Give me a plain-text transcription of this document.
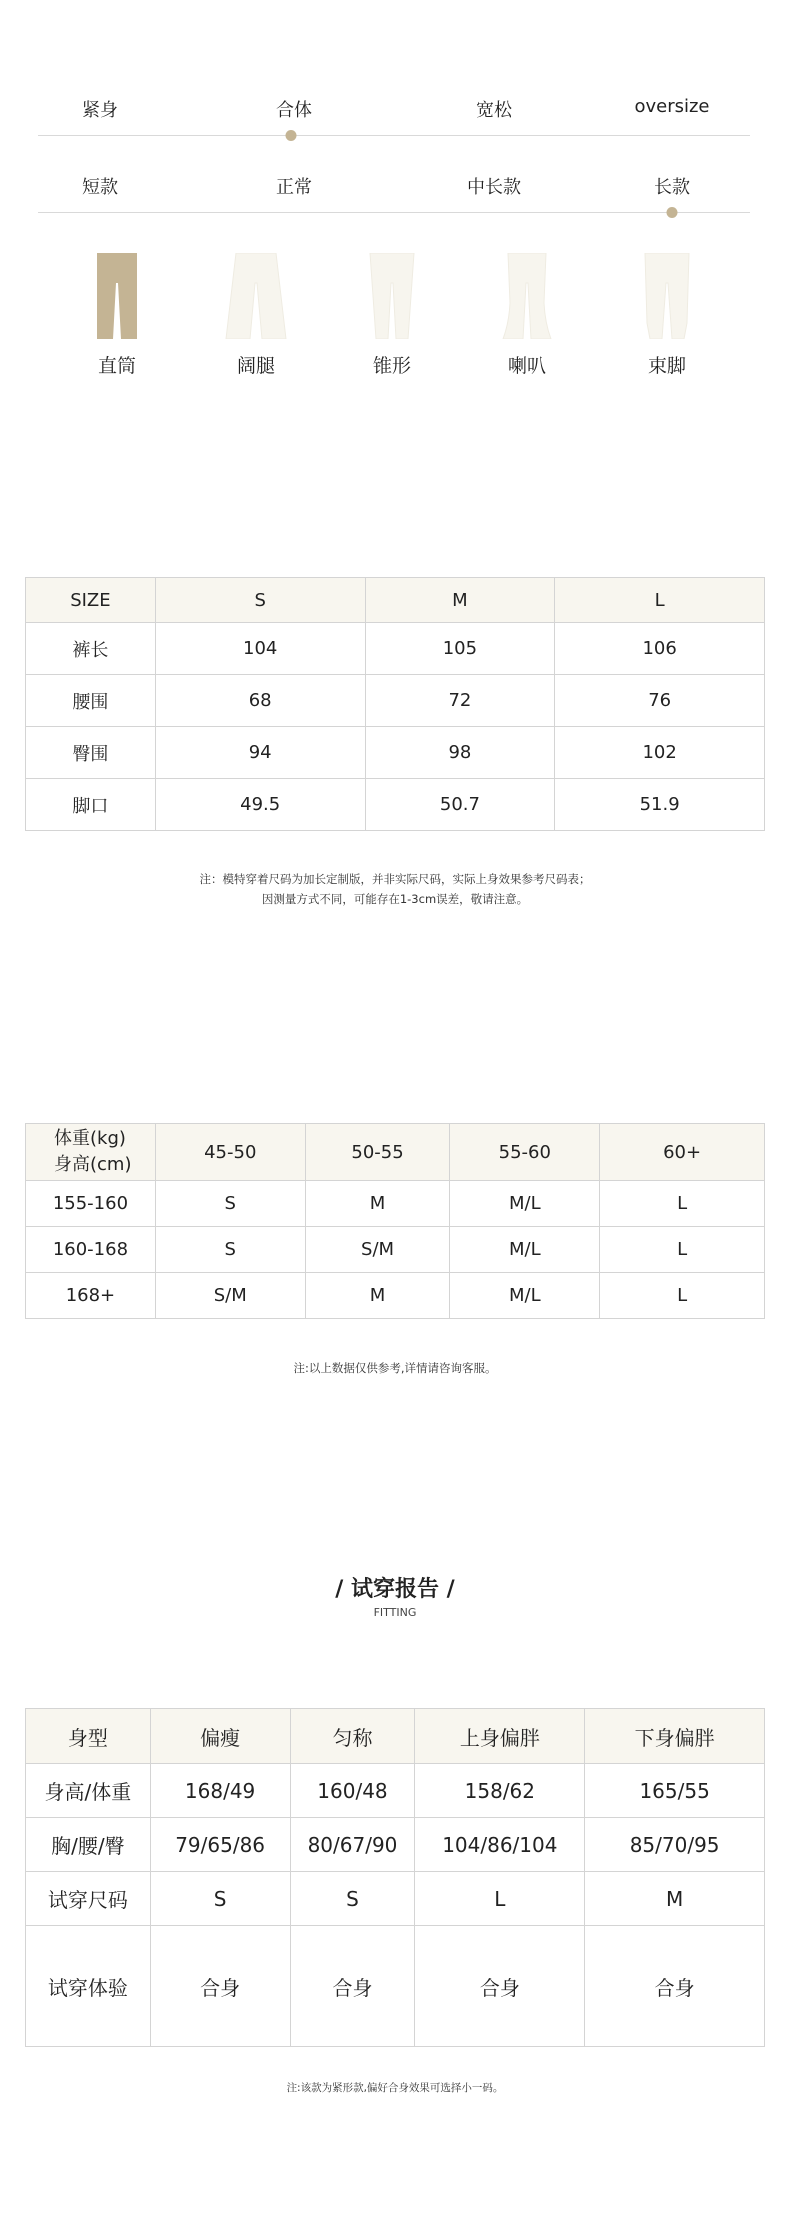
紧身	合体	宽松	oversize
短款	正常	中长款	长款
直筒	阔腿	锥形	喇叭	束脚
SIZE	S	M	L
裤长	104	105	106
腰围	68	72	76
臀围	94	98	102
脚口	49.5	50.7	51.9
注：模特穿着尺码为加长定制版，并非实际尺码，实际上身效果参考尺码表；
因测量方式不同，可能存在1-3cm误差，敬请注意。
体重(kg)
身高(cm)	45-50	50-55	55-60	60+
155-160	S	M	M/L	L
160-168	S	S/M	M/L	L
168+	S/M	M	M/L	L
注:以上数据仅供参考,详情请咨询客服。
/ 试穿报告 /
FITTING
身型	偏瘦	匀称	上身偏胖	下身偏胖
身高/体重	168/49	160/48	158/62	165/55
胸/腰/臀	79/65/86	80/67/90	104/86/104	85/70/95
试穿尺码	S	S	L	M
试穿体验	合身	合身	合身	合身
注:该款为紧形款,偏好合身效果可选择小一码。
